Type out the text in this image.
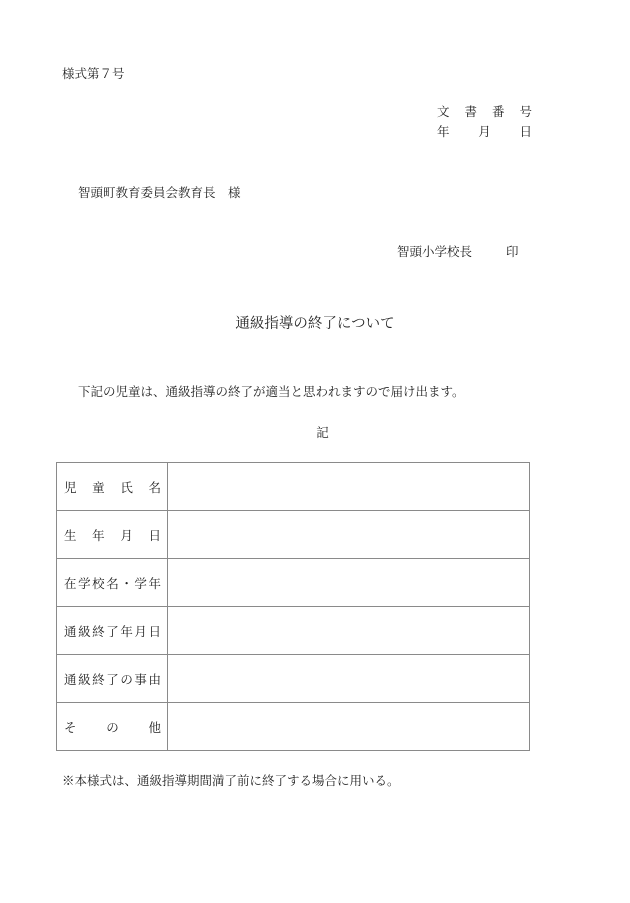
様式第７号
文 書 番 号
年 月 日
智頭町教育委員会教育長　様
智頭小学校長	印
通級指導の終了について
下記の児童は、通級指導の終了が適当と思われますので届け出ます。
記
児 童 氏 名	

生 年 月 日	

在 学 校 名 ・ 学 年

通 級 終 了 年 月 日

通 級 終 了 の 事 由

そ の 他	

※本様式は、通級指導期間満了前に終了する場合に用いる。
